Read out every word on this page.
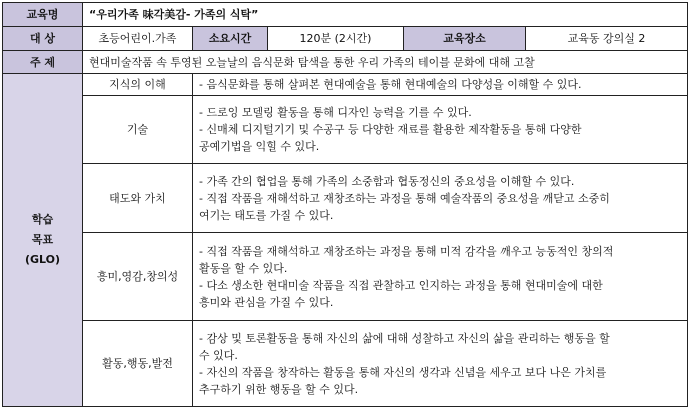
교육명	“우리가족 味각美감- 가족의 식탁”				
대 상	초등어린이.가족	소요시간	120분 (2시간)	교육장소	교육동 강의실 2
주 제	현대미술작품 속 투영된 오늘날의 음식문화 탐색을 통한 우리 가족의 테이블 문화에 대해 고찰				

학습
목표
(GLO)	지식의 이해	- 음식문화를 통해 살펴본 현대예술을 통해 현대예술의 다양성을 이해할 수 있다.			

	기술	- 드로잉 모델링 활동을 통해 디자인 능력을 기를 수 있다.
- 신매체 디지털기기 및 수공구 등 다양한 재료를 활용한 제작활동을 통해 다양한
공예기법을 익힐 수 있다.			

	태도와 가치	- 가족 간의 협업을 통해 가족의 소중함과 협동정신의 중요성을 이해할 수 있다.
- 직접 작품을 재해석하고 재창조하는 과정을 통해 예술작품의 중요성을 깨닫고 소중히
여기는 태도를 가질 수 있다.			

	흥미,영감,창의성	- 직접 작품을 재해석하고 재창조하는 과정을 통해 미적 감각을 깨우고 능동적인 창의적
활동을 할 수 있다.
- 다소 생소한 현대미술 작품을 직접 관찰하고 인지하는 과정을 통해 현대미술에 대한
흥미와 관심을 가질 수 있다.			

	활동,행동,발전	- 감상 및 토론활동을 통해 자신의 삶에 대해 성찰하고 자신의 삶을 관리하는 행동을 할
수 있다.
- 자신의 작품을 창작하는 활동을 통해 자신의 생각과 신념을 세우고 보다 나은 가치를
추구하기 위한 행동을 할 수 있다.			
